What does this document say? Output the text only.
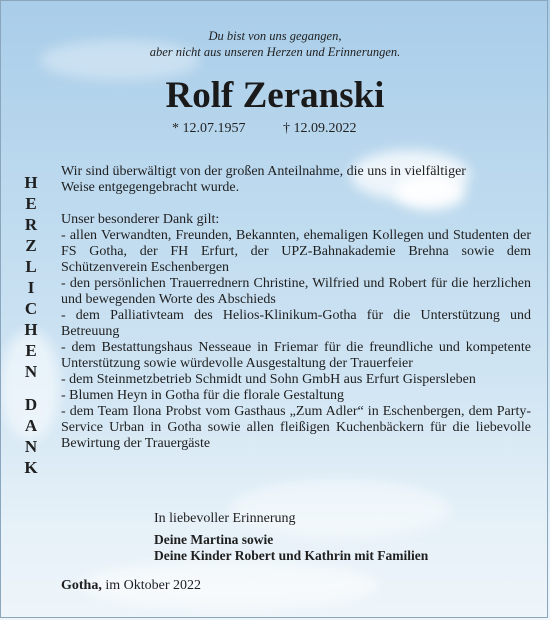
Du bist von uns gegangen,
aber nicht aus unseren Herzen und Erinnerungen.
Rolf Zeranski
* 12.07.1957	† 12.09.2022
H
E
R
Z
L
I
C
H
E
N
D
A
N
K
Wir sind überwältigt von der großen Anteilnahme, die uns in vielfältiger
Weise entgegengebracht wurde.

Unser besonderer Dank gilt:

- allen Verwandten, Freunden, Bekannten, ehemaligen Kollegen und Studenten der FS Gotha, der FH Erfurt, der UPZ-Bahnakademie Brehna sowie dem Schützenverein Eschenbergen

- den persönlichen Trauerrednern Christine, Wilfried und Robert für die herzlichen und bewegenden Worte des Abschieds

- dem Palliativteam des Helios-Klinikum-Gotha für die Unterstützung und Betreuung

- dem Bestattungshaus Nesseaue in Friemar für die freundliche und kompetente Unterstützung sowie würdevolle Ausgestaltung der Trauerfeier

- dem Steinmetzbetrieb Schmidt und Sohn GmbH aus Erfurt Gispersleben

- Blumen Heyn in Gotha für die florale Gestaltung

- dem Team Ilona Probst vom Gasthaus „Zum Adler“ in Eschenbergen, dem Party-Service Urban in Gotha sowie allen fleißigen Kuchenbäckern für die liebevolle Bewirtung der Trauergäste

In liebevoller Erinnerung
Deine Martina sowie
Deine Kinder Robert und Kathrin mit Familien
Gotha, im Oktober 2022
